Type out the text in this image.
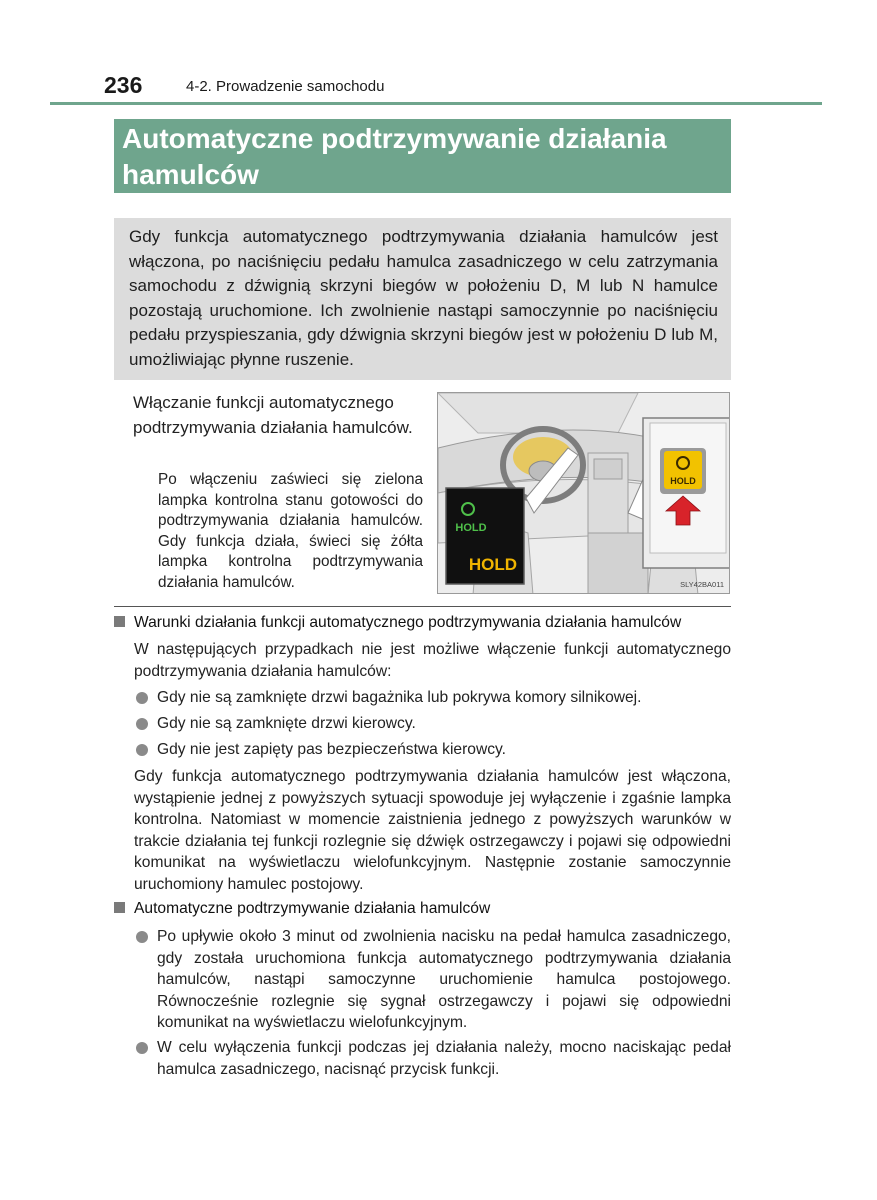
236	4-2. Prowadzenie samochodu
Automatyczne podtrzymywanie działania hamulców

Gdy funkcja automatycznego podtrzymywania działania hamulców jest włączona, po naciśnięciu pedału hamulca zasadniczego w celu zatrzymania samochodu z dźwignią skrzyni biegów w położeniu D, M lub N hamulce pozostają uruchomione. Ich zwolnienie nastąpi samoczynnie po naciśnięciu pedału przyspieszania, gdy dźwignia skrzyni biegów jest w położeniu D lub M, umożliwiając płynne ruszenie.

Włączanie funkcji automatycznego podtrzymywania działania hamulców.
Po włączeniu zaświeci się zielona lampka kontrolna stanu gotowości do podtrzymywania działania hamulców. Gdy funkcja działa, świeci się żółta lampka kontrolna podtrzymywania działania hamulców.
HOLD
HOLD
HOLD
SLY42BA011
Warunki działania funkcji automatycznego podtrzymywania działania hamulców
W następujących przypadkach nie jest możliwe włączenie funkcji automatycznego podtrzymywania działania hamulców:
Gdy nie są zamknięte drzwi bagażnika lub pokrywa komory silnikowej.
Gdy nie są zamknięte drzwi kierowcy.
Gdy nie jest zapięty pas bezpieczeństwa kierowcy.
Gdy funkcja automatycznego podtrzymywania działania hamulców jest włączona, wystąpienie jednej z powyższych sytuacji spowoduje jej wyłączenie i zgaśnie lampka kontrolna. Natomiast w momencie zaistnienia jednego z powyższych warunków w trakcie działania tej funkcji rozlegnie się dźwięk ostrzegawczy i pojawi się odpowiedni komunikat na wyświetlaczu wielofunkcyjnym. Następnie zostanie samoczynnie uruchomiony hamulec postojowy.
Automatyczne podtrzymywanie działania hamulców
Po upływie około 3 minut od zwolnienia nacisku na pedał hamulca zasadniczego, gdy została uruchomiona funkcja automatycznego podtrzymywania działania hamulców, nastąpi samoczynne uruchomienie hamulca postojowego. Równocześnie rozlegnie się sygnał ostrzegawczy i pojawi się odpowiedni komunikat na wyświetlaczu wielofunkcyjnym.
W celu wyłączenia funkcji podczas jej działania należy, mocno naciskając pedał hamulca zasadniczego, nacisnąć przycisk funkcji.
